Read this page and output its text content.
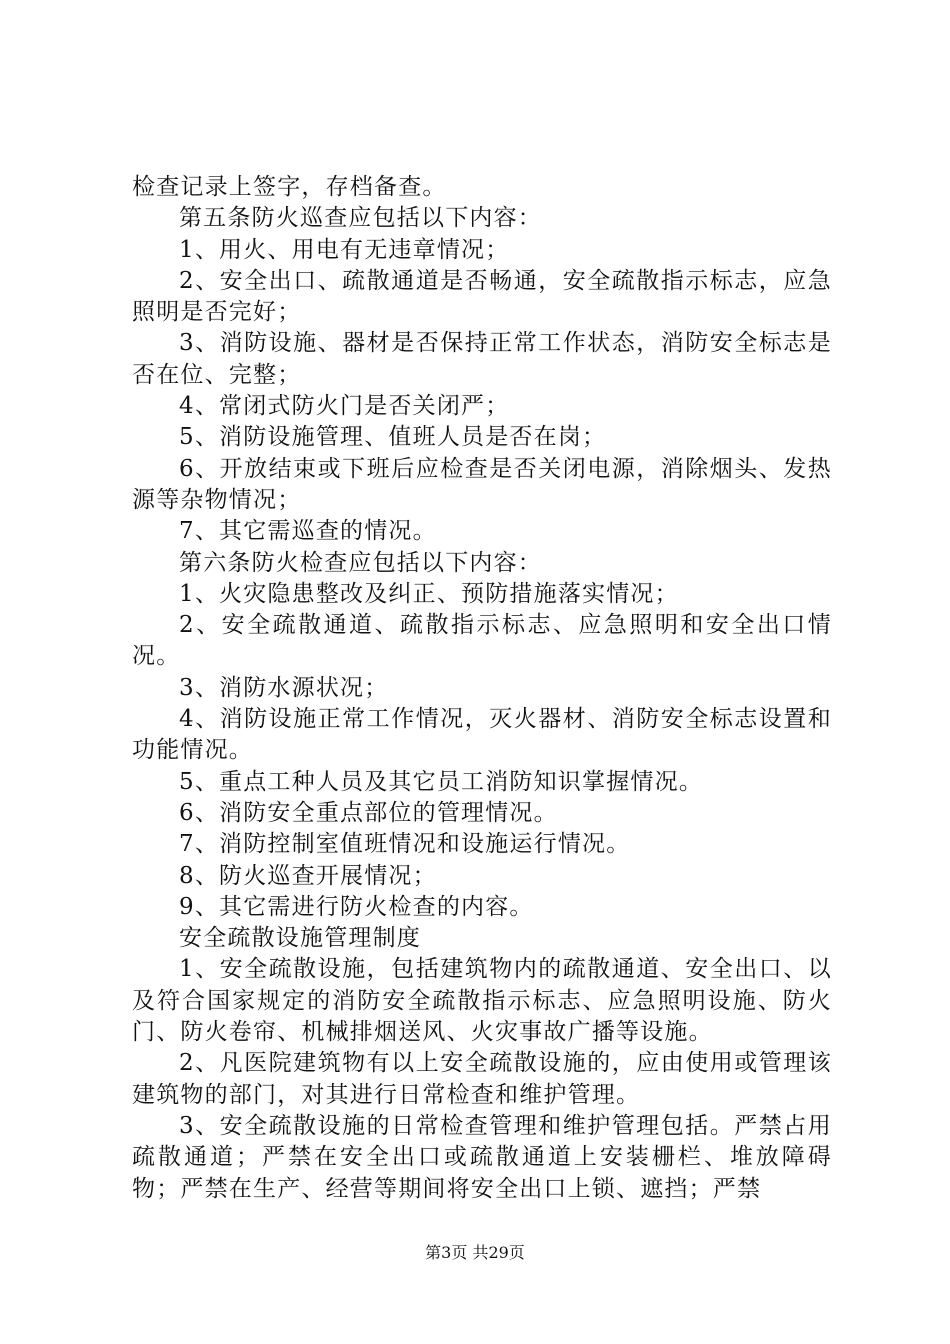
检查记录上签字，存档备查。

第五条防火巡查应包括以下内容：

1、用火、用电有无违章情况；

2、安全出口、疏散通道是否畅通，安全疏散指示标志，应急照明是否完好；

3、消防设施、器材是否保持正常工作状态，消防安全标志是否在位、完整；

4、常闭式防火门是否关闭严；

5、消防设施管理、值班人员是否在岗；

6、开放结束或下班后应检查是否关闭电源，消除烟头、发热源等杂物情况；

7、其它需巡查的情况。

第六条防火检查应包括以下内容：

1、火灾隐患整改及纠正、预防措施落实情况；

2、安全疏散通道、疏散指示标志、应急照明和安全出口情况。

3、消防水源状况；

4、消防设施正常工作情况，灭火器材、消防安全标志设置和功能情况。

5、重点工种人员及其它员工消防知识掌握情况。

6、消防安全重点部位的管理情况。

7、消防控制室值班情况和设施运行情况。

8、防火巡查开展情况；

9、其它需进行防火检查的内容。

安全疏散设施管理制度

1、安全疏散设施，包括建筑物内的疏散通道、安全出口、以及符合国家规定的消防安全疏散指示标志、应急照明设施、防火门、防火卷帘、机械排烟送风、火灾事故广播等设施。

2、凡医院建筑物有以上安全疏散设施的，应由使用或管理该建筑物的部门，对其进行日常检查和维护管理。

3、安全疏散设施的日常检查管理和维护管理包括。严禁占用疏散通道；严禁在安全出口或疏散通道上安装栅栏、堆放障碍物；严禁在生产、经营等期间将安全出口上锁、遮挡；严禁

第3页 共29页
